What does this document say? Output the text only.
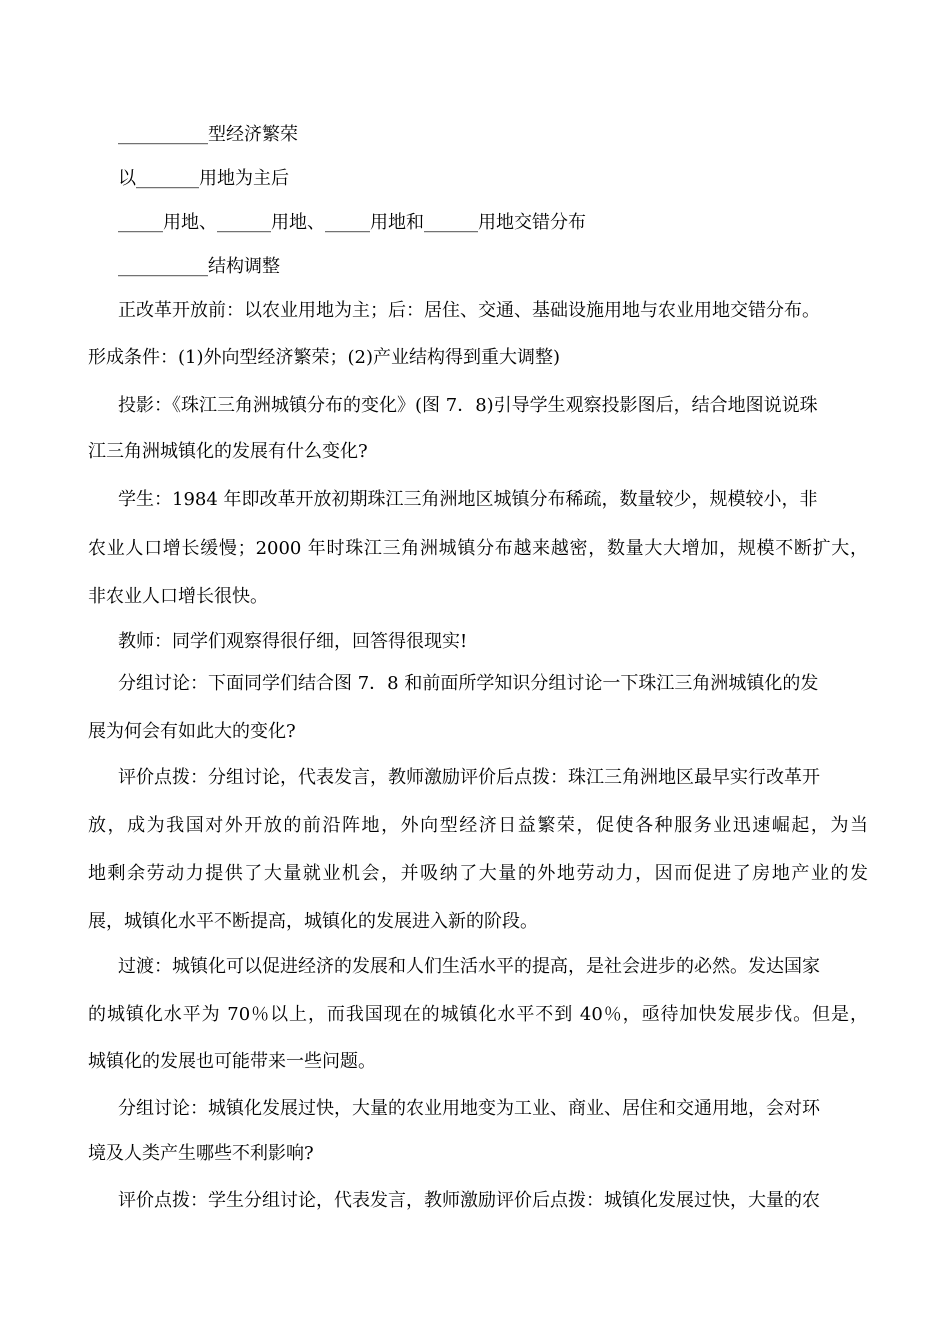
__________型经济繁荣
以_______用地为主后
_____用地、______用地、_____用地和______用地交错分布
__________结构调整
正改革开放前：以农业用地为主；后：居住、交通、基础设施用地与农业用地交错分布。
形成条件：(1)外向型经济繁荣；(2)产业结构得到重大调整)
投影：《珠江三角洲城镇分布的变化》(图 7．8)引导学生观察投影图后，结合地图说说珠
江三角洲城镇化的发展有什么变化?
学生：1984 年即改革开放初期珠江三角洲地区城镇分布稀疏，数量较少，规模较小，非
农业人口增长缓慢；2000 年时珠江三角洲城镇分布越来越密，数量大大增加，规模不断扩大，
非农业人口增长很快。
教师：同学们观察得很仔细，回答得很现实!
分组讨论：下面同学们结合图 7．8 和前面所学知识分组讨论一下珠江三角洲城镇化的发
展为何会有如此大的变化?
评价点拨：分组讨论，代表发言，教师激励评价后点拨：珠江三角洲地区最早实行改革开
放，成为我国对外开放的前沿阵地，外向型经济日益繁荣，促使各种服务业迅速崛起，为当
地剩余劳动力提供了大量就业机会，并吸纳了大量的外地劳动力，因而促进了房地产业的发
展，城镇化水平不断提高，城镇化的发展进入新的阶段。
过渡：城镇化可以促进经济的发展和人们生活水平的提高，是社会进步的必然。发达国家
的城镇化水平为 70％以上，而我国现在的城镇化水平不到 40％，亟待加快发展步伐。但是，
城镇化的发展也可能带来一些问题。
分组讨论：城镇化发展过快，大量的农业用地变为工业、商业、居住和交通用地，会对环
境及人类产生哪些不利影响?
评价点拨：学生分组讨论，代表发言，教师激励评价后点拨：城镇化发展过快，大量的农
